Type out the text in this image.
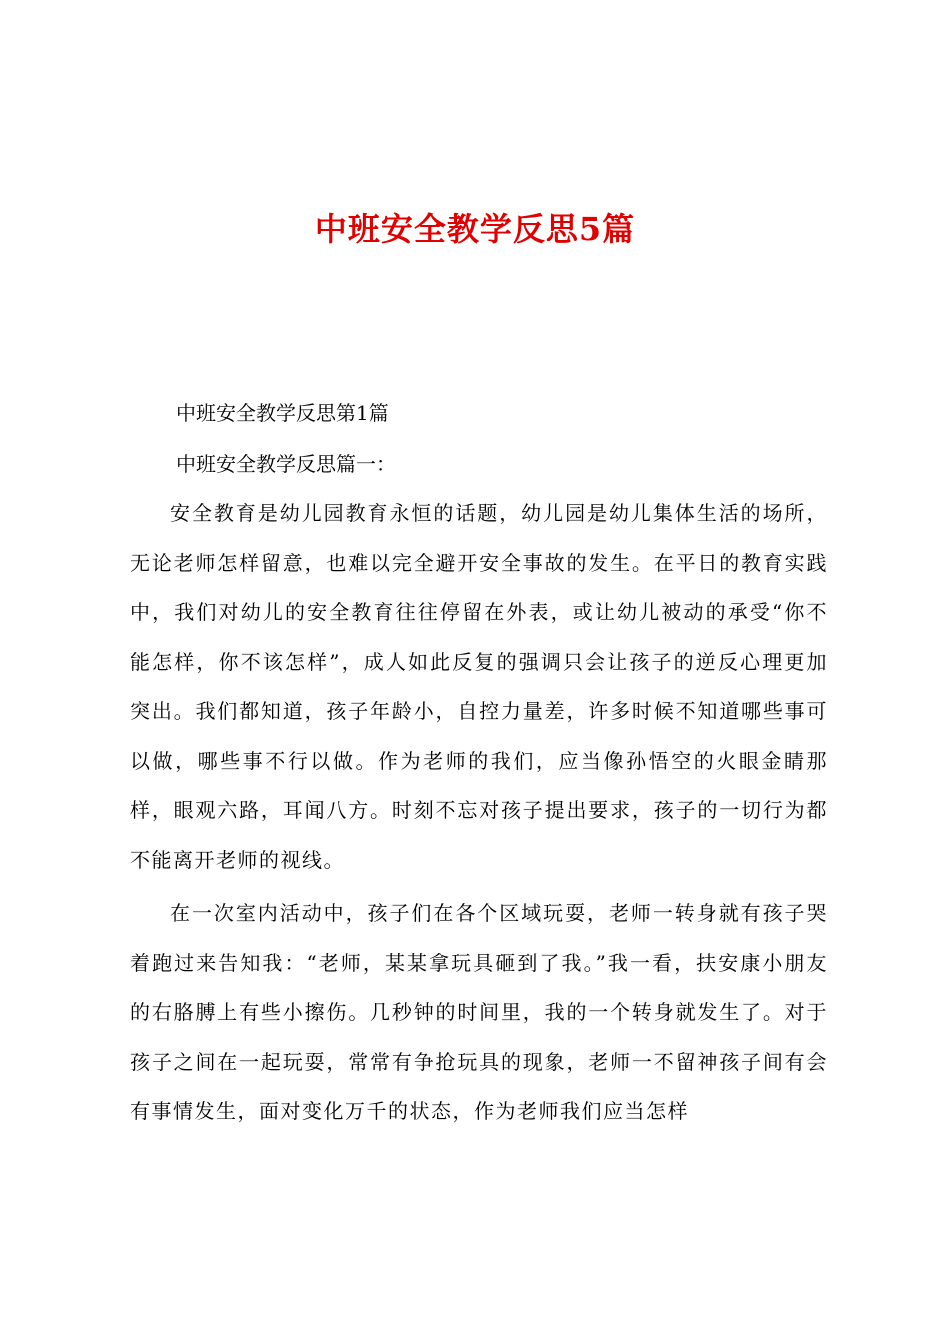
中班安全教学反思5篇
中班安全教学反思第1篇
中班安全教学反思篇一：

安全教育是幼儿园教育永恒的话题，幼儿园是幼儿集体生活的场所，无论老师怎样留意，也难以完全避开安全事故的发生。在平日的教育实践中，我们对幼儿的安全教育往往停留在外表，或让幼儿被动的承受“你不能怎样，你不该怎样”，成人如此反复的强调只会让孩子的逆反心理更加突出。我们都知道，孩子年龄小，自控力量差，许多时候不知道哪些事可以做，哪些事不行以做。作为老师的我们，应当像孙悟空的火眼金睛那样，眼观六路，耳闻八方。时刻不忘对孩子提出要求，孩子的一切行为都不能离开老师的视线。

在一次室内活动中，孩子们在各个区域玩耍，老师一转身就有孩子哭着跑过来告知我：“老师，某某拿玩具砸到了我。”我一看，扶安康小朋友的右胳膊上有些小擦伤。几秒钟的时间里，我的一个转身就发生了。对于孩子之间在一起玩耍，常常有争抢玩具的现象，老师一不留神孩子间有会有事情发生，面对变化万千的状态，作为老师我们应当怎样
